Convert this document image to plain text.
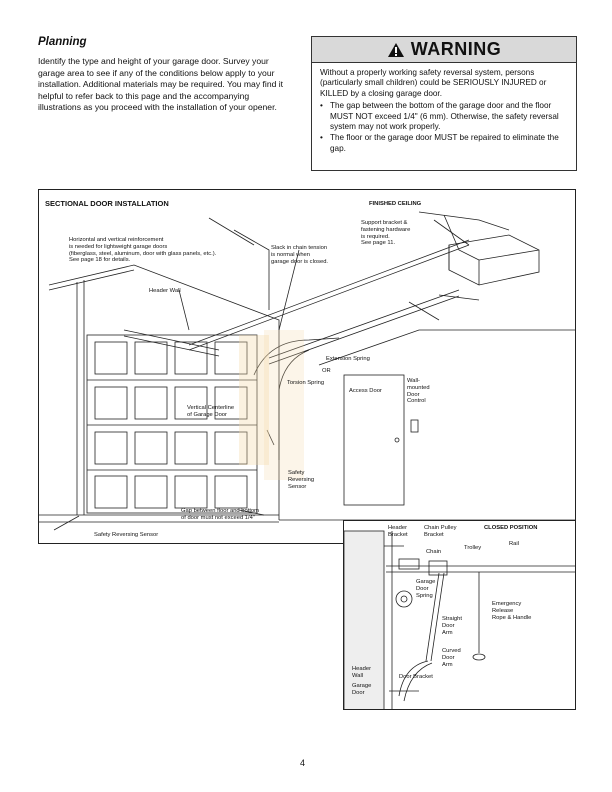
Planning

Identify the type and height of your garage door. Survey your garage area to see if any of the conditions below apply to your installation. Additional materials may be required. You may find it helpful to refer back to this page and the accompanying illustrations as you proceed with the installation of your opener.

WARNING

Without a properly working safety reversal system, persons (particularly small children) could be SERIOUSLY INJURED or KILLED by a closing garage door.

• The gap between the bottom of the garage door and the floor MUST NOT exceed 1/4" (6 mm). Otherwise, the safety reversal system may not work properly.
• The floor or the garage door MUST be repaired to eliminate the gap.
SECTIONAL DOOR INSTALLATION	FINISHED CEILING
Support bracket &
fastening hardware
is required.
See page 11.
Horizontal and vertical reinforcement
is needed for lightweight garage doors
(fiberglass, steel, aluminum, door with glass panels, etc.).
See page 18 for details.
Slack in chain tension
is normal when
garage door is closed.
Header Wall
Extension Spring
OR
Torsion Spring
Access Door
Wall-
mounted
Door
Control
Vertical Centerline
of Garage Door
Safety
Reversing
Sensor
Gap between floor and bottom
of door must not exceed 1/4"
Safety Reversing Sensor
CLOSED POSITION
Header
Bracket
Chain Pulley
Bracket
Chain
Trolley
Rail
Garage
Door
Spring
Straight
Door
Arm
Emergency
Release
Rope & Handle
Curved
Door
Arm
Header
Wall	Door Bracket
Garage
Door
4
